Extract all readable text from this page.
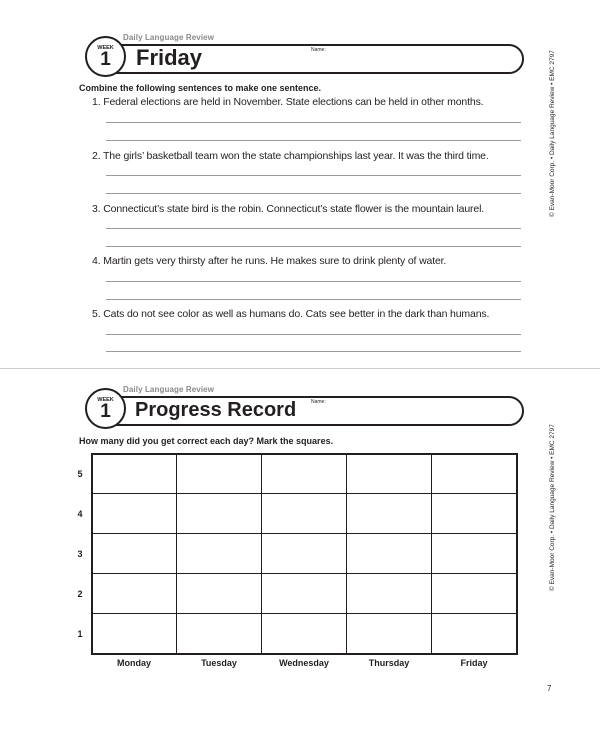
Daily Language Review
Friday	Name:
WEEK
1
Combine the following sentences to make one sentence.
1. Federal elections are held in November. State elections can be held in other months.
2. The girls’ basketball team won the state championships last year. It was the third time.
3. Connecticut’s state bird is the robin. Connecticut’s state flower is the mountain laurel.
4. Martin gets very thirsty after he runs. He makes sure to drink plenty of water.
5. Cats do not see color as well as humans do. Cats see better in the dark than humans.
Daily Language Review
Progress Record	Name:
WEEK
1
How many did you get correct each day? Mark the squares.
5
4
3
2
1
Monday	Tuesday	Wednesday	Thursday	Friday
© Evan-Moor Corp. • Daily Language Review • EMC 2797
© Evan-Moor Corp. • Daily Language Review • EMC 2797
7
